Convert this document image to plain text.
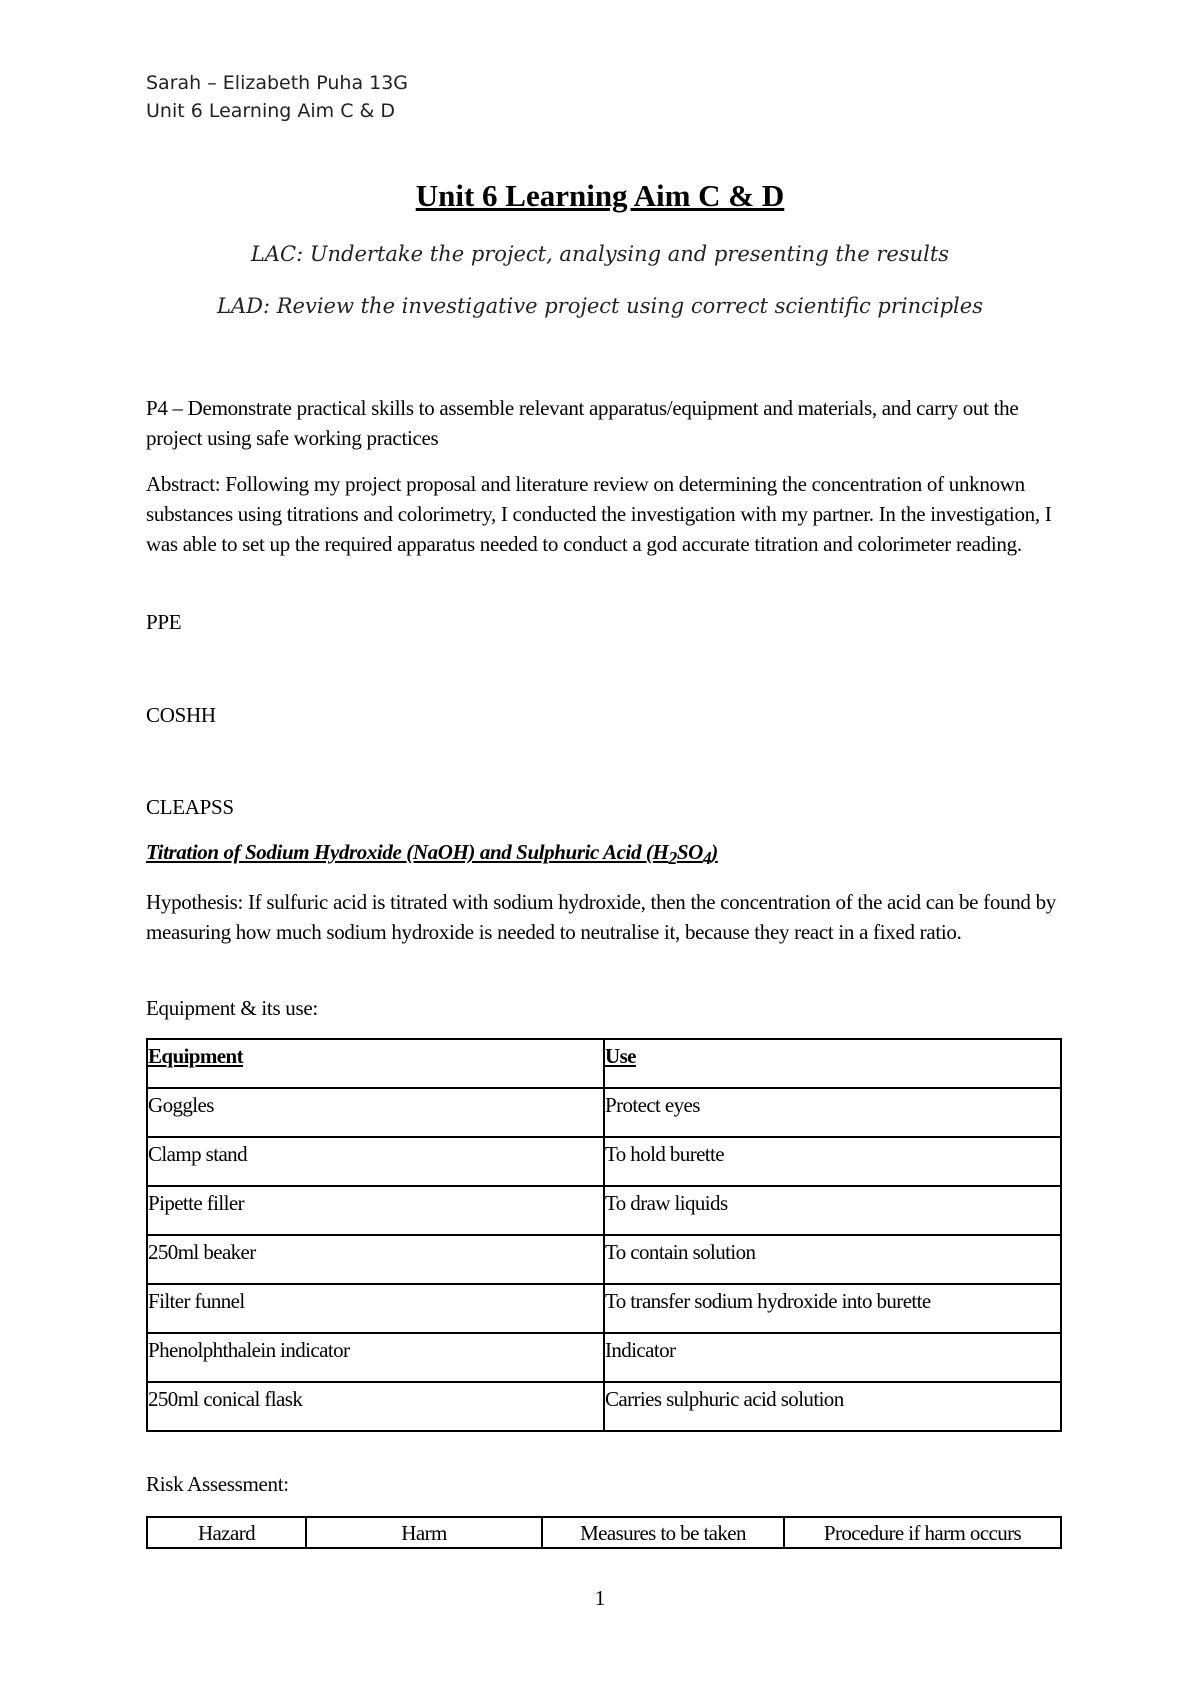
Sarah – Elizabeth Puha 13G
Unit 6 Learning Aim C & D
Unit 6 Learning Aim C & D
LAC: Undertake the project, analysing and presenting the results
LAD: Review the investigative project using correct scientific principles
P4 – Demonstrate practical skills to assemble relevant apparatus/equipment and materials, and carry out the project using safe working practices
Abstract: Following my project proposal and literature review on determining the concentration of unknown substances using titrations and colorimetry, I conducted the investigation with my partner. In the investigation, I was able to set up the required apparatus needed to conduct a god accurate titration and colorimeter reading.
PPE
COSHH
CLEAPSS
Titration of Sodium Hydroxide (NaOH) and Sulphuric Acid $(H_2SO_4)$
Hypothesis: If sulfuric acid is titrated with sodium hydroxide, then the concentration of the acid can be found by measuring how much sodium hydroxide is needed to neutralise it, because they react in a fixed ratio.
Equipment & its use:
Equipment	Use
Goggles	Protect eyes
Clamp stand	To hold burette
Pipette filler	To draw liquids
250ml beaker	To contain solution
Filter funnel	To transfer sodium hydroxide into burette
Phenolphthalein indicator	Indicator
250ml conical flask	Carries sulphuric acid solution
Risk Assessment:
Hazard	Harm	Measures to be taken	Procedure if harm occurs
1
